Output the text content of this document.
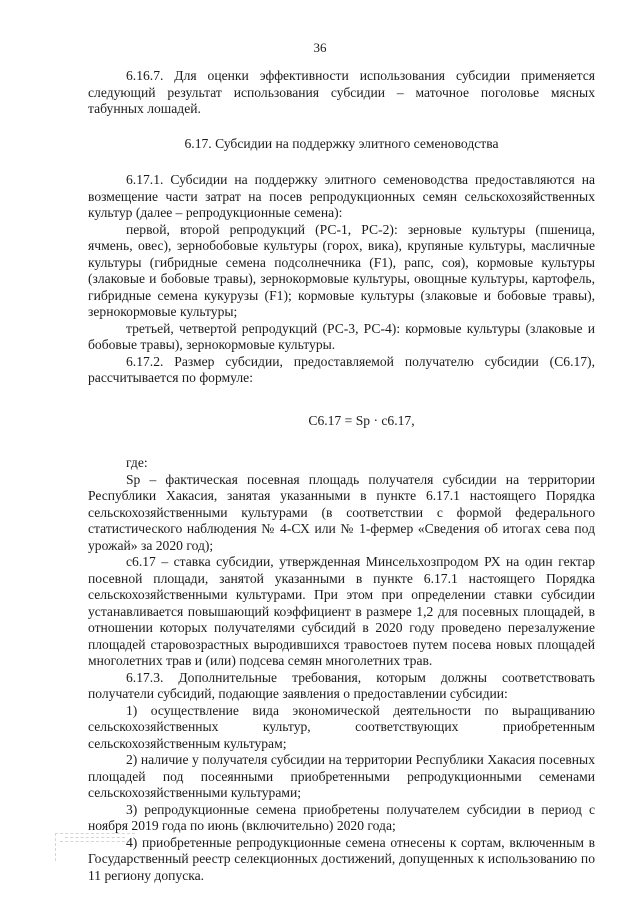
36

6.16.7. Для оценки эффективности использования субсидии применяется следующий результат использования субсидии – маточное поголовье мясных табунных лошадей.

6.17. Субсидии на поддержку элитного семеноводства

6.17.1. Субсидии на поддержку элитного семеноводства предоставляются на возмещение части затрат на посев репродукционных семян сельскохозяйственных культур (далее – репродукционные семена):

первой, второй репродукций (РС-1, РС-2): зерновые культуры (пшеница, ячмень, овес), зернобобовые культуры (горох, вика), крупяные культуры, масличные культуры (гибридные семена подсолнечника (F1), рапс, соя), кормовые культуры (злаковые и бобовые травы), зернокормовые культуры, овощные культуры, картофель, гибридные семена кукурузы (F1); кормовые культуры (злаковые и бобовые травы), зернокормовые культуры;

третьей, четвертой репродукций (РС-3, РС-4): кормовые культуры (злаковые и бобовые травы), зернокормовые культуры.

6.17.2. Размер субсидии, предоставляемой получателю субсидии (С6.17), рассчитывается по формуле:

С6.17 = Sp · c6.17,

где:

Sp – фактическая посевная площадь получателя субсидии на территории Республики Хакасия, занятая указанными в пункте 6.17.1 настоящего Порядка сельскохозяйственными культурами (в соответствии с формой федерального статистического наблюдения № 4-СХ или № 1-фермер «Сведения об итогах сева под урожай» за 2020 год);

с6.17 – ставка субсидии, утвержденная Минсельхозпродом РХ на один гектар посевной площади, занятой указанными в пункте 6.17.1 настоящего Порядка сельскохозяйственными культурами. При этом при определении ставки субсидии устанавливается повышающий коэффициент в размере 1,2 для посевных площадей, в отношении которых получателями субсидий в 2020 году проведено перезалужение площадей старовозрастных выродившихся травостоев путем посева новых площадей многолетних трав и (или) подсева семян многолетних трав.

6.17.3. Дополнительные требования, которым должны соответствовать получатели субсидий, подающие заявления о предоставлении субсидии:

1) осуществление вида экономической деятельности по выращиванию сельскохозяйственных культур, соответствующих приобретенным сельскохозяйственным культурам;

2) наличие у получателя субсидии на территории Республики Хакасия посевных площадей под посеянными приобретенными репродукционными семенами сельскохозяйственными культурами;

3) репродукционные семена приобретены получателем субсидии в период с ноября 2019 года по июнь (включительно) 2020 года;

4) приобретенные репродукционные семена отнесены к сортам, включенным в Государственный реестр селекционных достижений, допущенных к использованию по 11 региону допуска.
